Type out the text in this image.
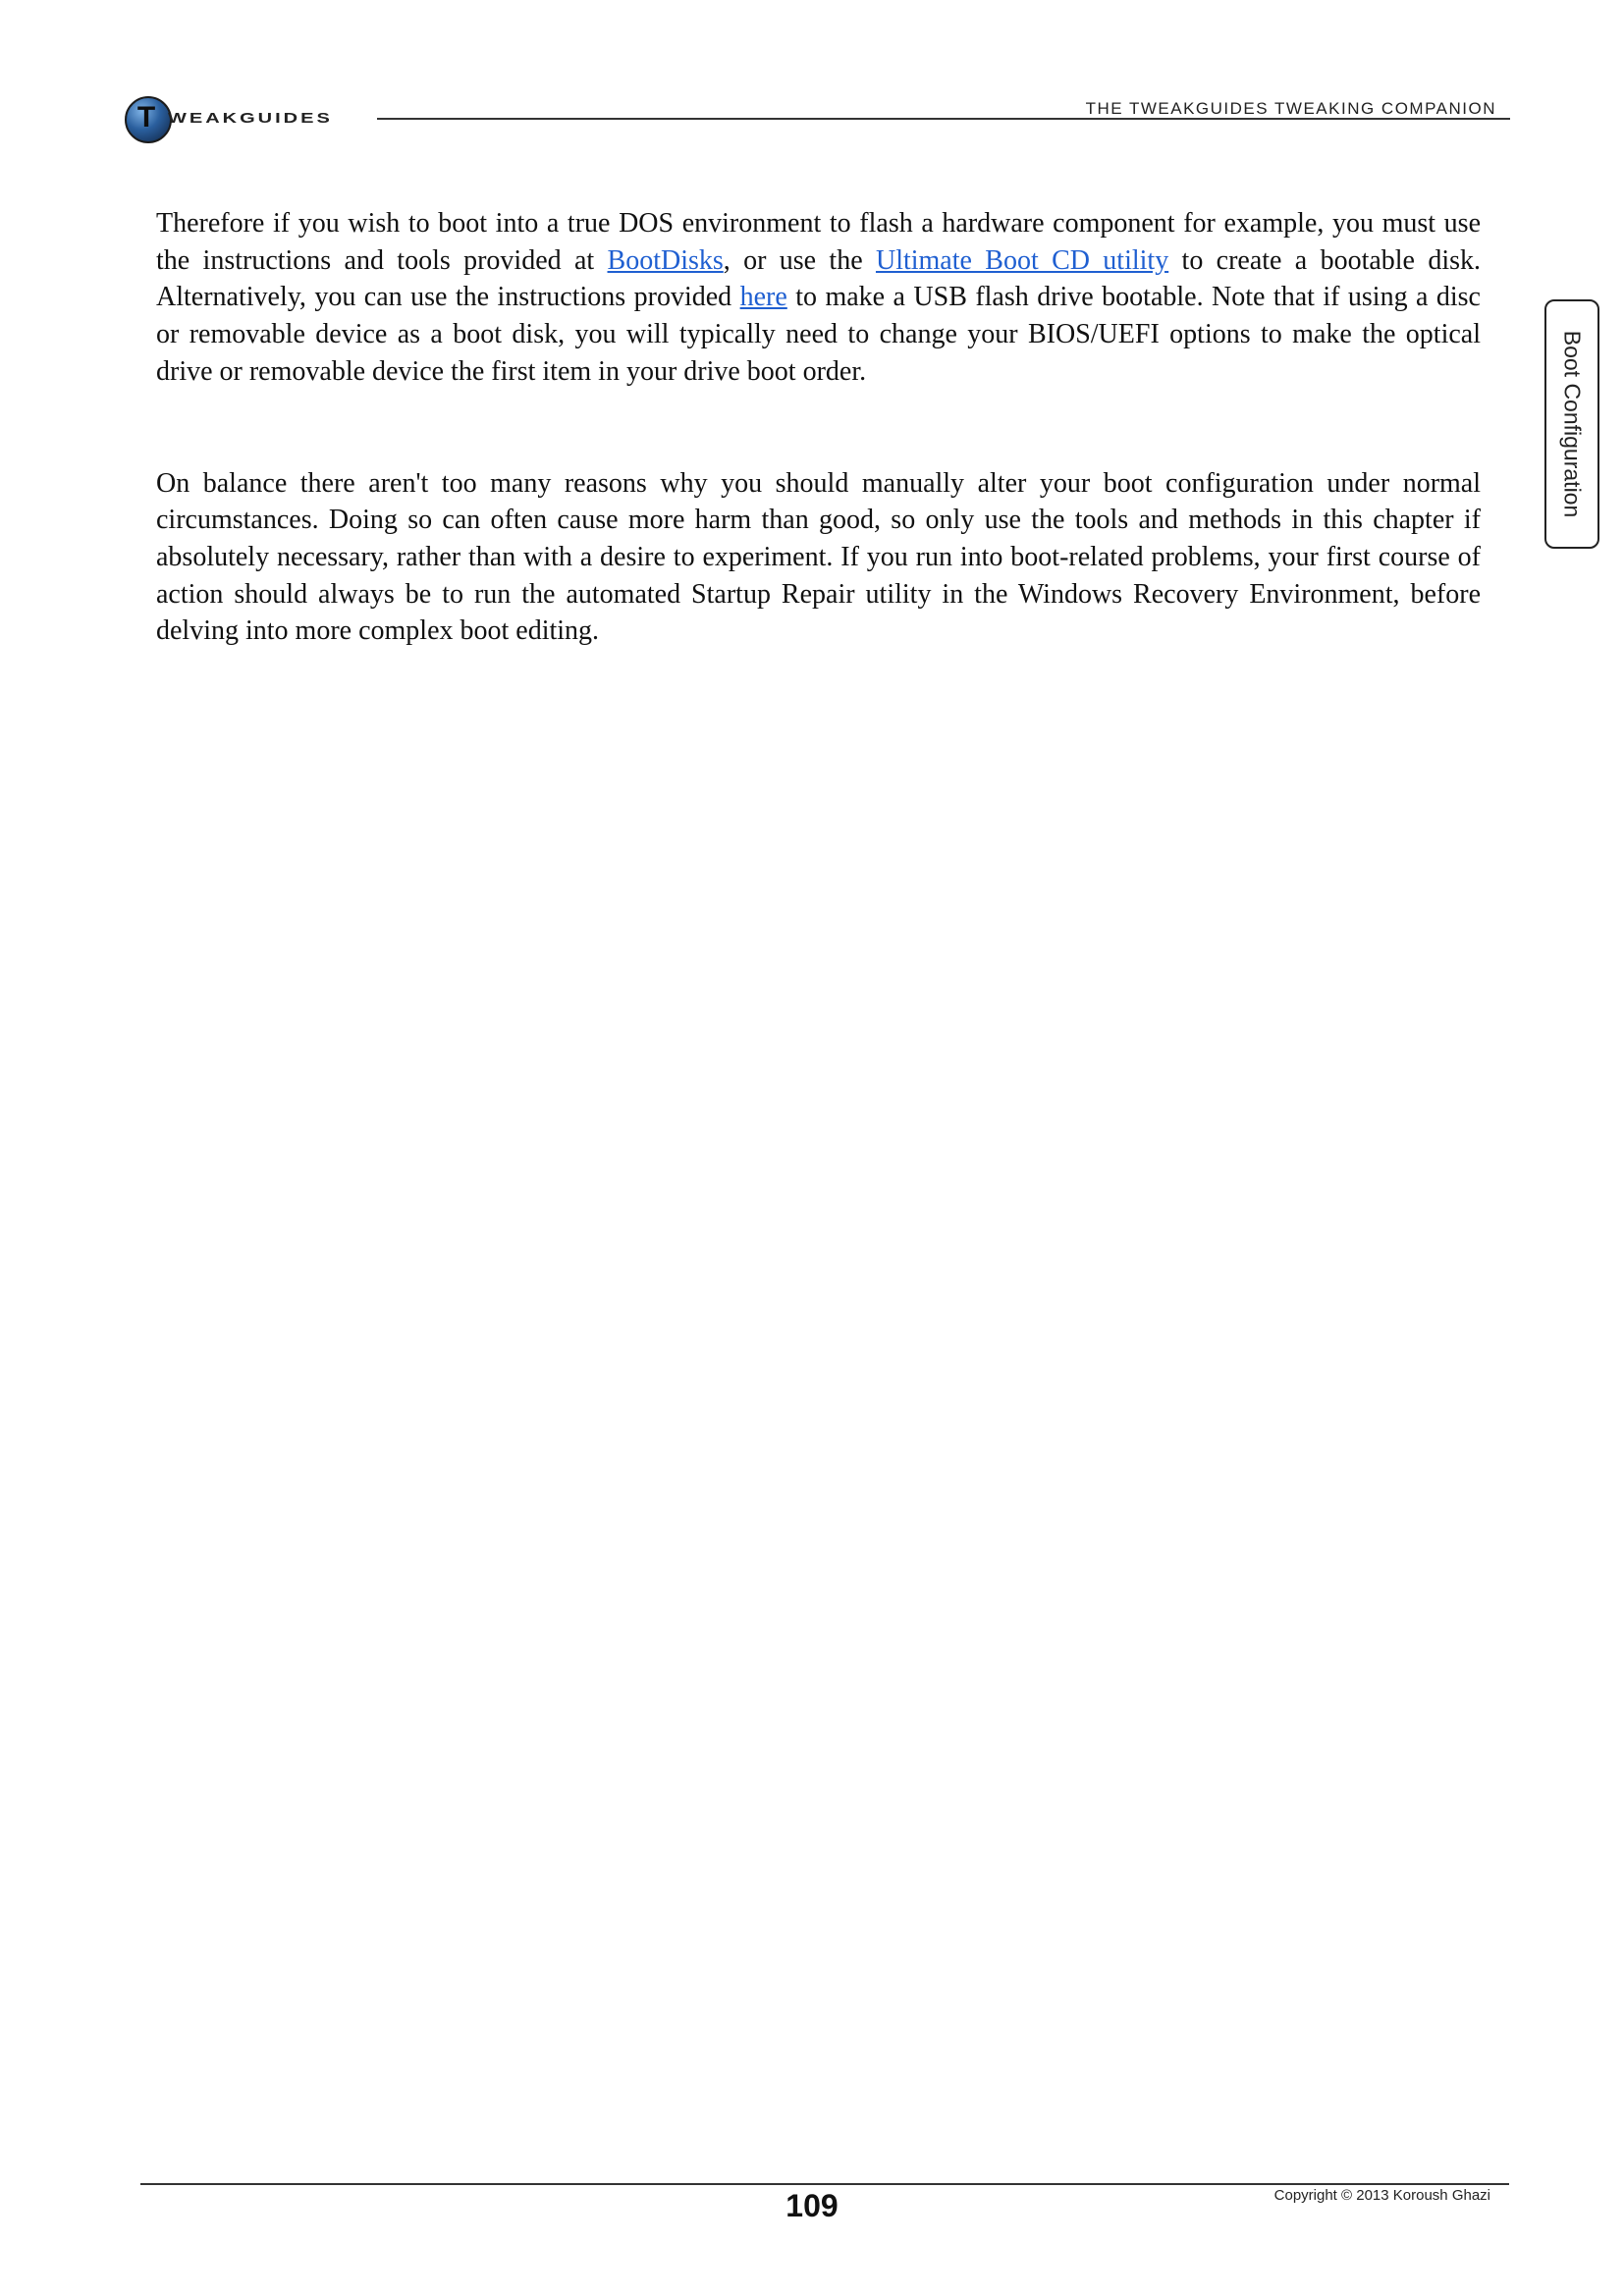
T WEAKGUIDES
THE TWEAKGUIDES TWEAKING COMPANION
Boot Configuration

Therefore if you wish to boot into a true DOS environment to flash a hardware component for example, you must use the instructions and tools provided at BootDisks, or use the Ultimate Boot CD utility to create a bootable disk. Alternatively, you can use the instructions provided here to make a USB flash drive bootable. Note that if using a disc or removable device as a boot disk, you will typically need to change your BIOS/UEFI options to make the optical drive or removable device the first item in your drive boot order.

On balance there aren't too many reasons why you should manually alter your boot configuration under normal circumstances. Doing so can often cause more harm than good, so only use the tools and methods in this chapter if absolutely necessary, rather than with a desire to experiment. If you run into boot-related problems, your first course of action should always be to run the automated Startup Repair utility in the Windows Recovery Environment, before delving into more complex boot editing.

109	Copyright © 2013 Koroush Ghazi
